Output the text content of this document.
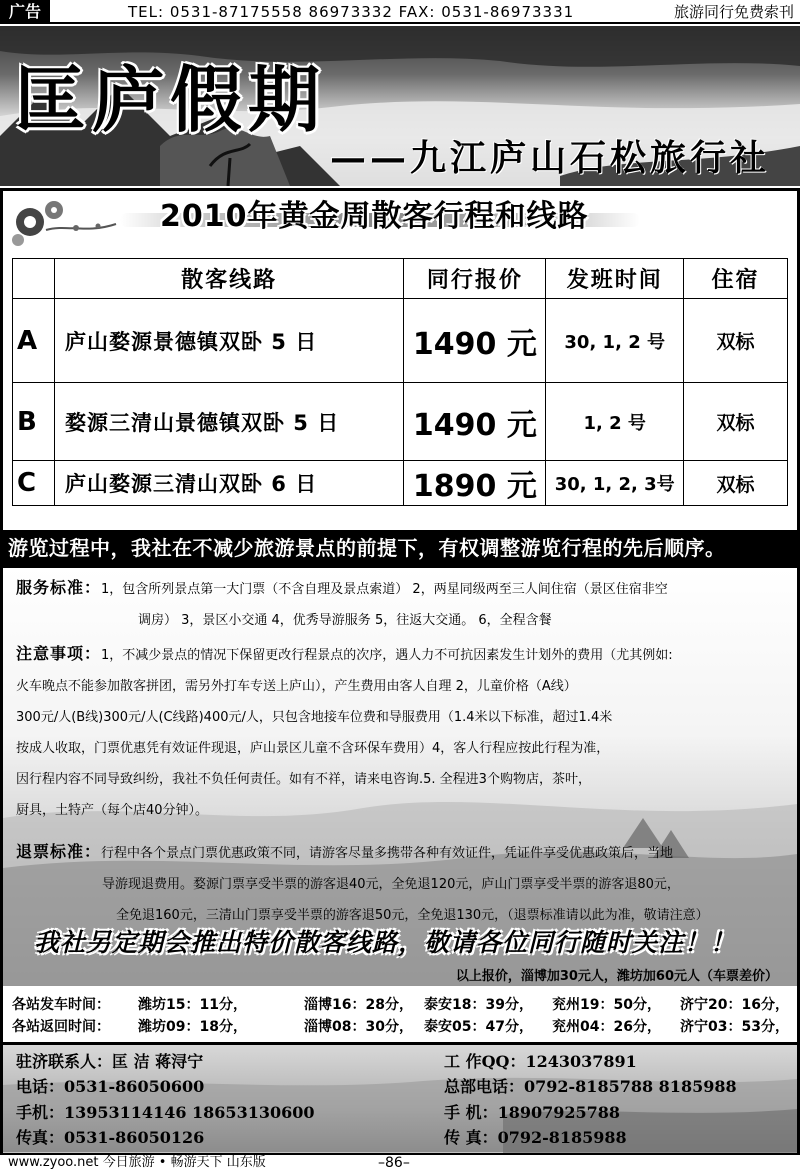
广告	TEL: 0531-87175558 86973332 FAX: 0531-86973331	旅游同行免费索刊
匡庐假期
——九江庐山石松旅行社
2010年黄金周散客行程和线路
	散客线路	同行报价	发班时间	住宿
A	庐山婺源景德镇双卧 5 日	1490 元	30, 1, 2 号	双标
B	婺源三清山景德镇双卧 5 日	1490 元	1, 2 号	双标
C	庐山婺源三清山双卧 6 日	1890 元	30, 1, 2, 3号	双标
游览过程中，我社在不减少旅游景点的前提下，有权调整游览行程的先后顺序。
服务标准：1，包含所列景点第一大门票（不含自理及景点索道） 2，两星同级两至三人间住宿（景区住宿非空
调房） 3，景区小交通 4，优秀导游服务 5，往返大交通。 6，全程含餐
注意事项：1，不减少景点的情况下保留更改行程景点的次序，遇人力不可抗因素发生计划外的费用（尤其例如:
火车晚点不能参加散客拼团，需另外打车专送上庐山），产生费用由客人自理 2，儿童价格（A线）
300元/人(B线)300元/人(C线路)400元/人，只包含地接车位费和导服费用（1.4米以下标准，超过1.4米
按成人收取，门票优惠凭有效证件现退，庐山景区儿童不含环保车费用）4，客人行程应按此行程为准，
因行程内容不同导致纠纷，我社不负任何责任。如有不祥，请来电咨询.5. 全程进3个购物店，茶叶，
厨具，土特产（每个店40分钟）。
退票标准：行程中各个景点门票优惠政策不同，请游客尽量多携带各种有效证件，凭证件享受优惠政策后，当地
导游现退费用。婺源门票享受半票的游客退40元，全免退120元，庐山门票享受半票的游客退80元，
全免退160元，三清山门票享受半票的游客退50元，全免退130元，（退票标准请以此为准，敬请注意）
我社另定期会推出特价散客线路，敬请各位同行随时关注！！
以上报价，淄博加30元人，潍坊加60元人（车票差价）
各站发车时间： 潍坊15：11分，	淄博16：28分， 泰安18：39分， 兖州19：50分， 济宁20：16分，
各站返回时间： 潍坊09：18分，	淄博08：30分， 泰安05：47分， 兖州04：26分， 济宁03：53分，
驻济联系人：匡 洁 蒋浔宁
电话：0531-86050600
手机：13953114146 18653130600
传真：0531-86050126
工 作QQ：1243037891
总部电话：0792-8185788 8185988
手 机：18907925788
传 真：0792-8185988
www.zyoo.net 今日旅游 • 畅游天下 山东版	–86–
